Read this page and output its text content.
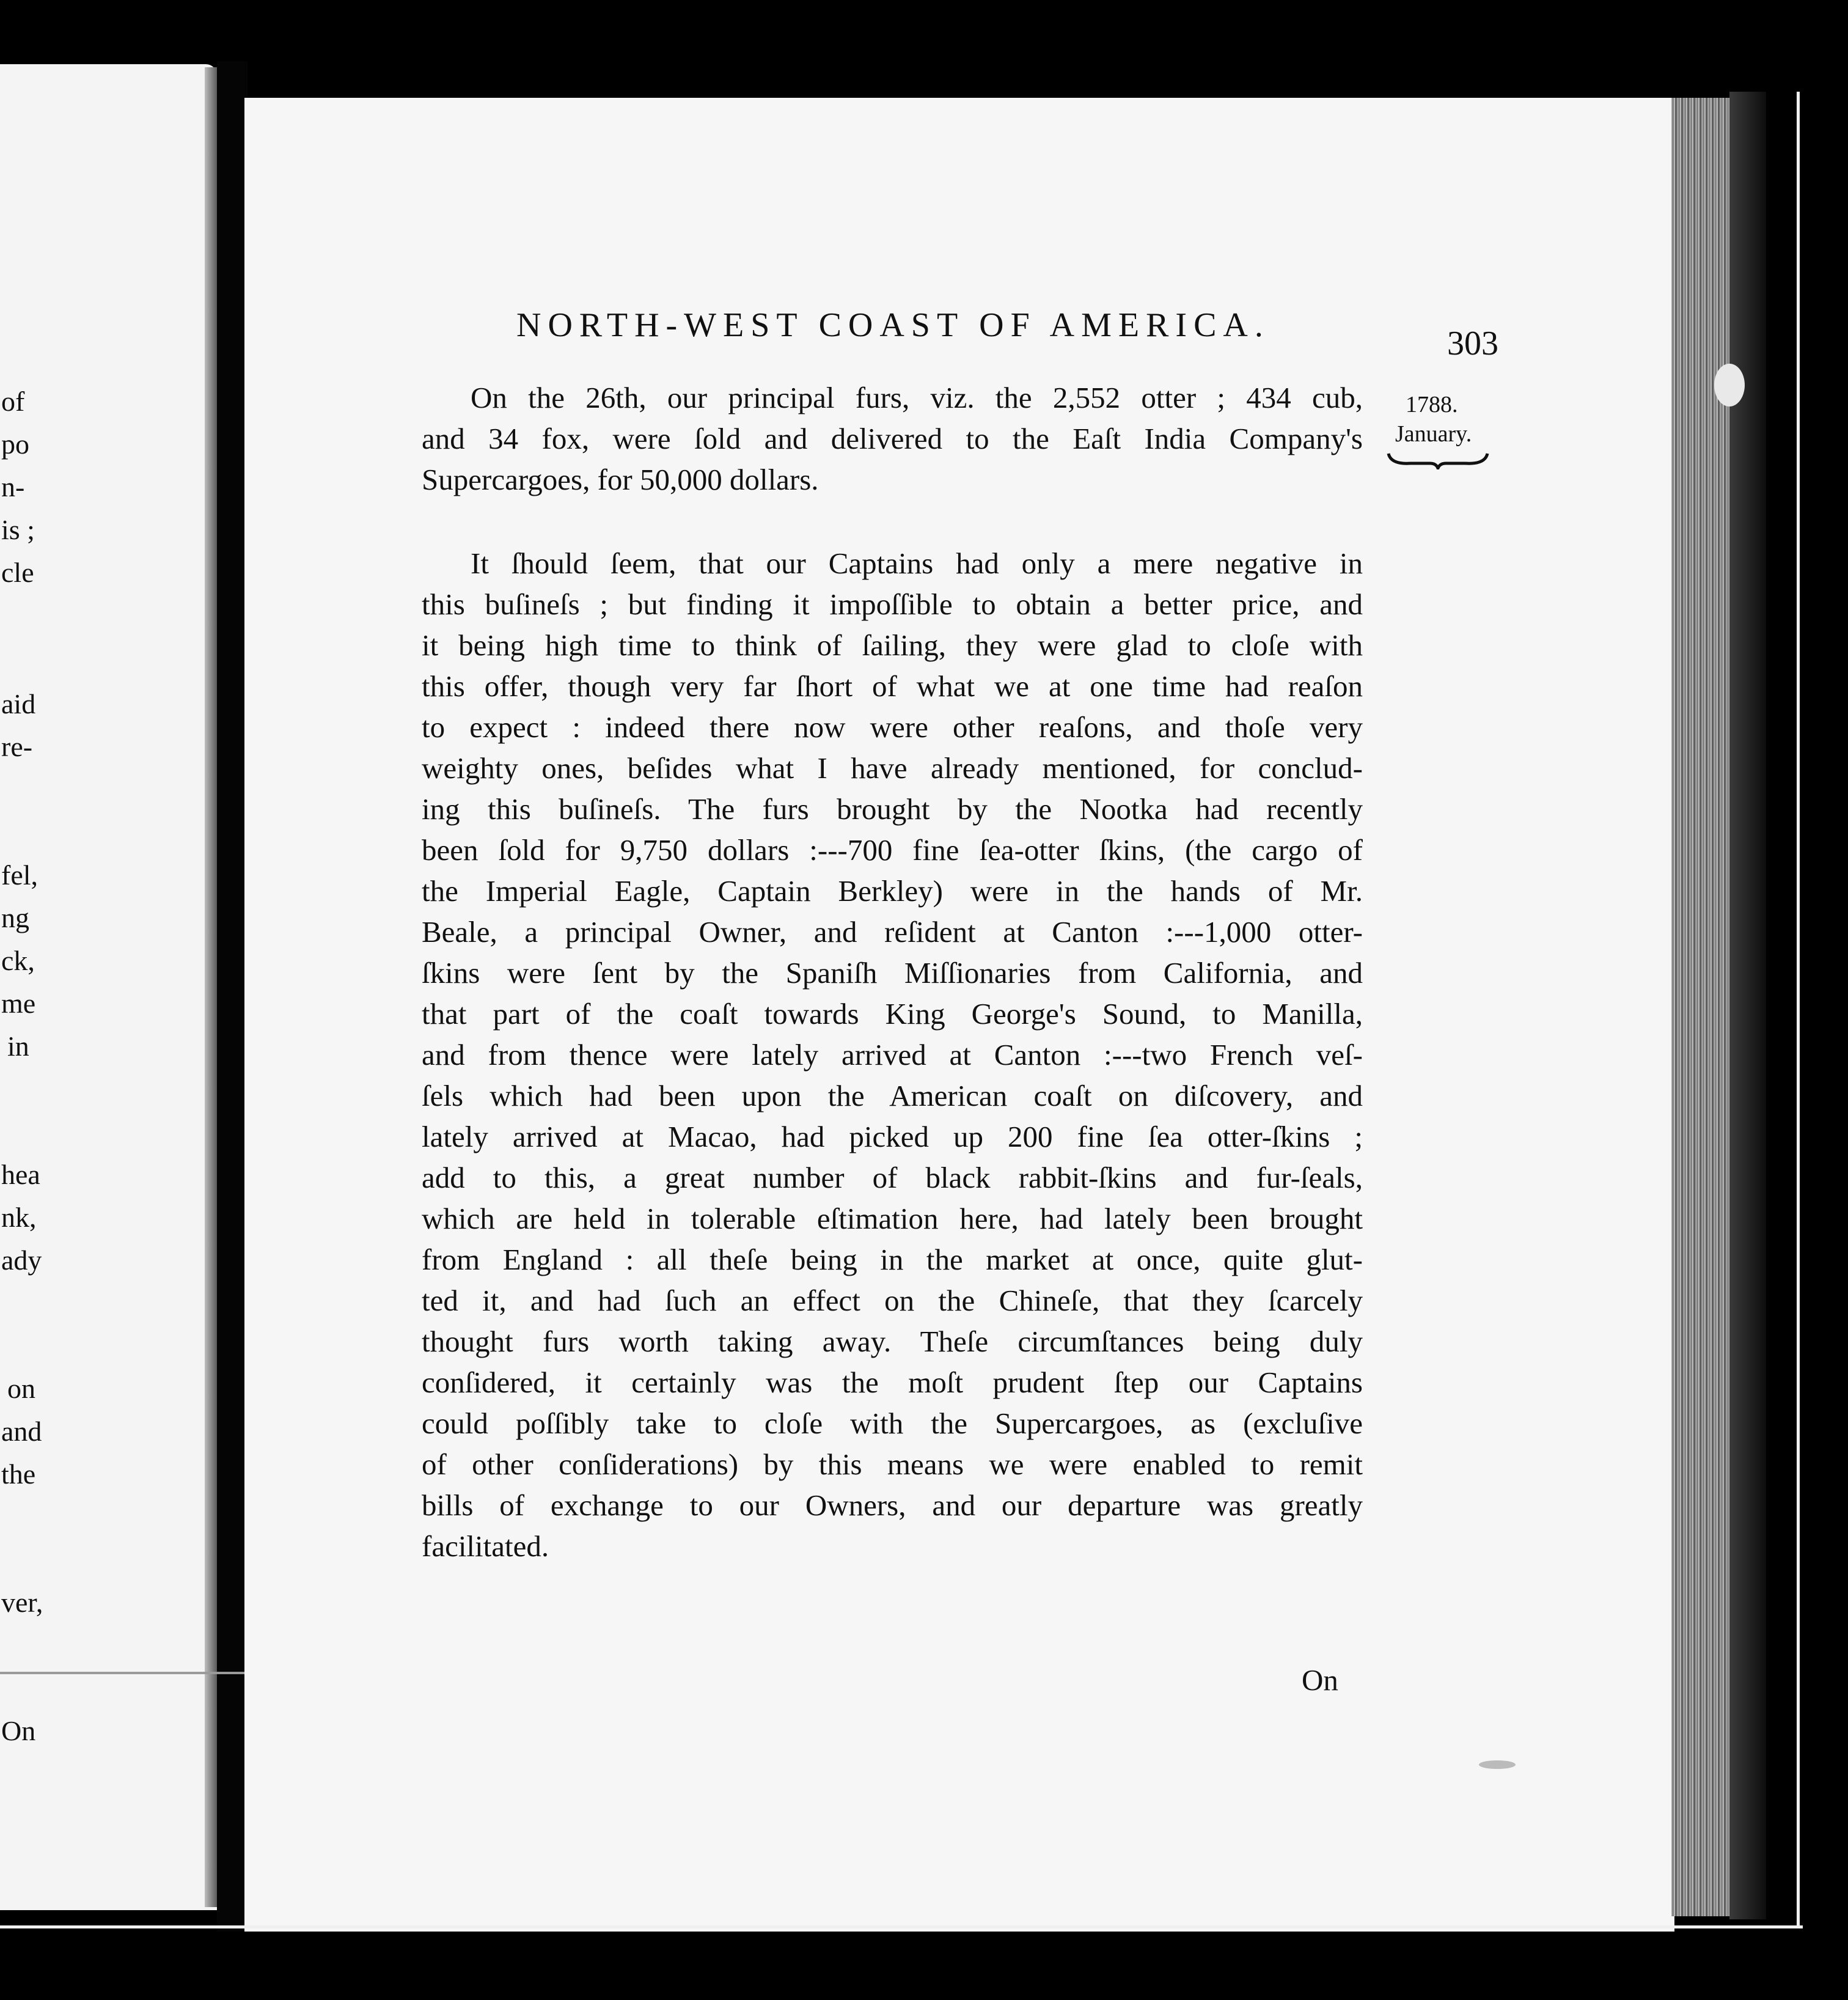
of
po
n-
is ;
cle
aid
re-
fel,
ng
ck,
me
in
hea
nk,
ady
on
and
the
ver,
On
NORTH-WEST COAST OF AMERICA.	303
1788.
January.
On the 26th, our principal furs, viz. the 2,552 otter ; 434 cub,
and 34 fox, were ſold and delivered to the Eaſt India Company's
Supercargoes, for 50,000 dollars.
It ſhould ſeem, that our Captains had only a mere negative in
this buſineſs ; but finding it impoſſible to obtain a better price, and
it being high time to think of ſailing, they were glad to cloſe with
this offer, though very far ſhort of what we at one time had reaſon
to expect : indeed there now were other reaſons, and thoſe very
weighty ones, beſides what I have already mentioned, for conclud-
ing this buſineſs. The furs brought by the Nootka had recently
been ſold for 9,750 dollars :---700 fine ſea-otter ſkins, (the cargo of
the Imperial Eagle, Captain Berkley) were in the hands of Mr.
Beale, a principal Owner, and reſident at Canton :---1,000 otter-
ſkins were ſent by the Spaniſh Miſſionaries from California, and
that part of the coaſt towards King George's Sound, to Manilla,
and from thence were lately arrived at Canton :---two French veſ-
ſels which had been upon the American coaſt on diſcovery, and
lately arrived at Macao, had picked up 200 fine ſea otter-ſkins ;
add to this, a great number of black rabbit-ſkins and fur-ſeals,
which are held in tolerable eſtimation here, had lately been brought
from England : all theſe being in the market at once, quite glut-
ted it, and had ſuch an effect on the Chineſe, that they ſcarcely
thought furs worth taking away. Theſe circumſtances being duly
conſidered, it certainly was the moſt prudent ſtep our Captains
could poſſibly take to cloſe with the Supercargoes, as (excluſive
of other conſiderations) by this means we were enabled to remit
bills of exchange to our Owners, and our departure was greatly
facilitated.
On
